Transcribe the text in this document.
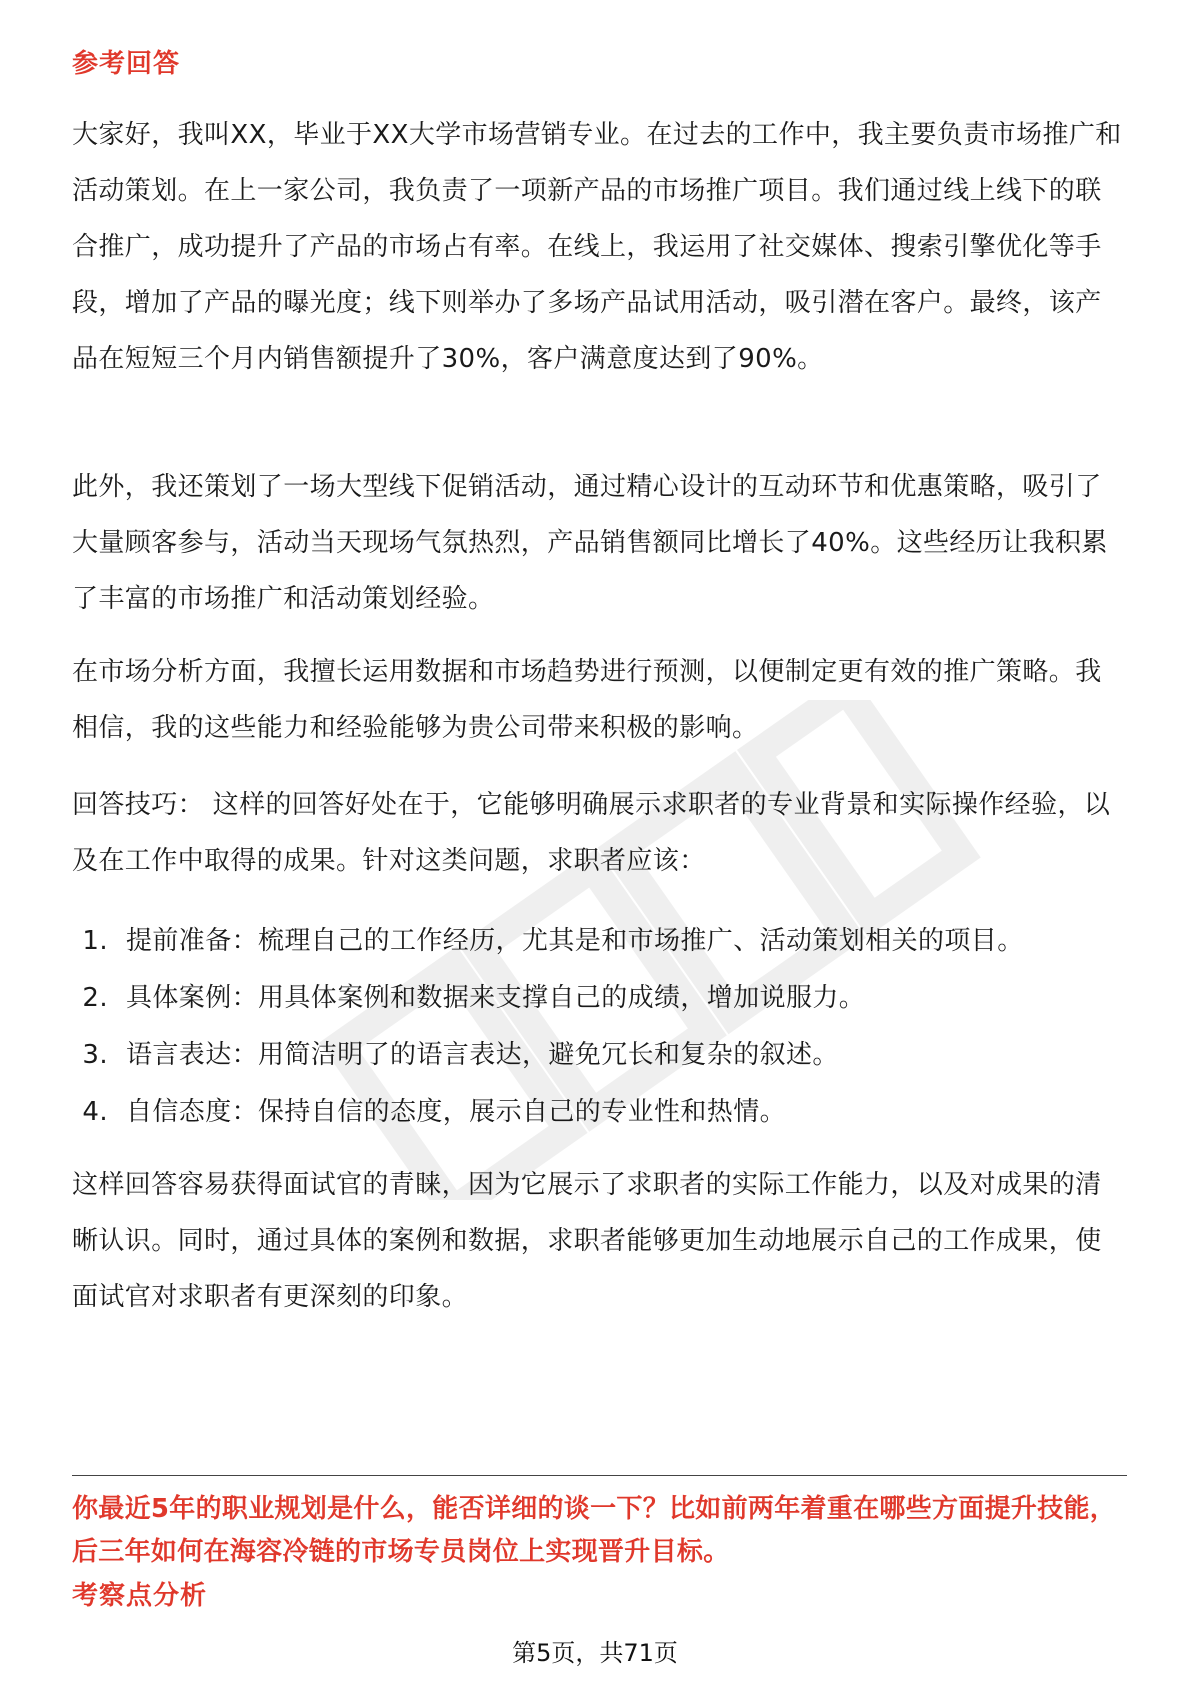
参考回答

大家好，我叫XX，毕业于XX大学市场营销专业。在过去的工作中，我主要负责市场推广和活动策划。在上一家公司，我负责了一项新产品的市场推广项目。我们通过线上线下的联合推广，成功提升了产品的市场占有率。在线上，我运用了社交媒体、搜索引擎优化等手段，增加了产品的曝光度；线下则举办了多场产品试用活动，吸引潜在客户。最终，该产品在短短三个月内销售额提升了30%，客户满意度达到了90%。

此外，我还策划了一场大型线下促销活动，通过精心设计的互动环节和优惠策略，吸引了大量顾客参与，活动当天现场气氛热烈，产品销售额同比增长了40%。这些经历让我积累了丰富的市场推广和活动策划经验。

在市场分析方面，我擅长运用数据和市场趋势进行预测，以便制定更有效的推广策略。我相信，我的这些能力和经验能够为贵公司带来积极的影响。

回答技巧： 这样的回答好处在于，它能够明确展示求职者的专业背景和实际操作经验，以及在工作中取得的成果。针对这类问题，求职者应该：

1. 提前准备：梳理自己的工作经历，尤其是和市场推广、活动策划相关的项目。
2. 具体案例：用具体案例和数据来支撑自己的成绩，增加说服力。
3. 语言表达：用简洁明了的语言表达，避免冗长和复杂的叙述。
4. 自信态度：保持自信的态度，展示自己的专业性和热情。

这样回答容易获得面试官的青睐，因为它展示了求职者的实际工作能力，以及对成果的清晰认识。同时，通过具体的案例和数据，求职者能够更加生动地展示自己的工作成果，使面试官对求职者有更深刻的印象。

你最近5年的职业规划是什么，能否详细的谈一下？比如前两年着重在哪些方面提升技能，后三年如何在海容冷链的市场专员岗位上实现晋升目标。

考察点分析
第5页，共71页
